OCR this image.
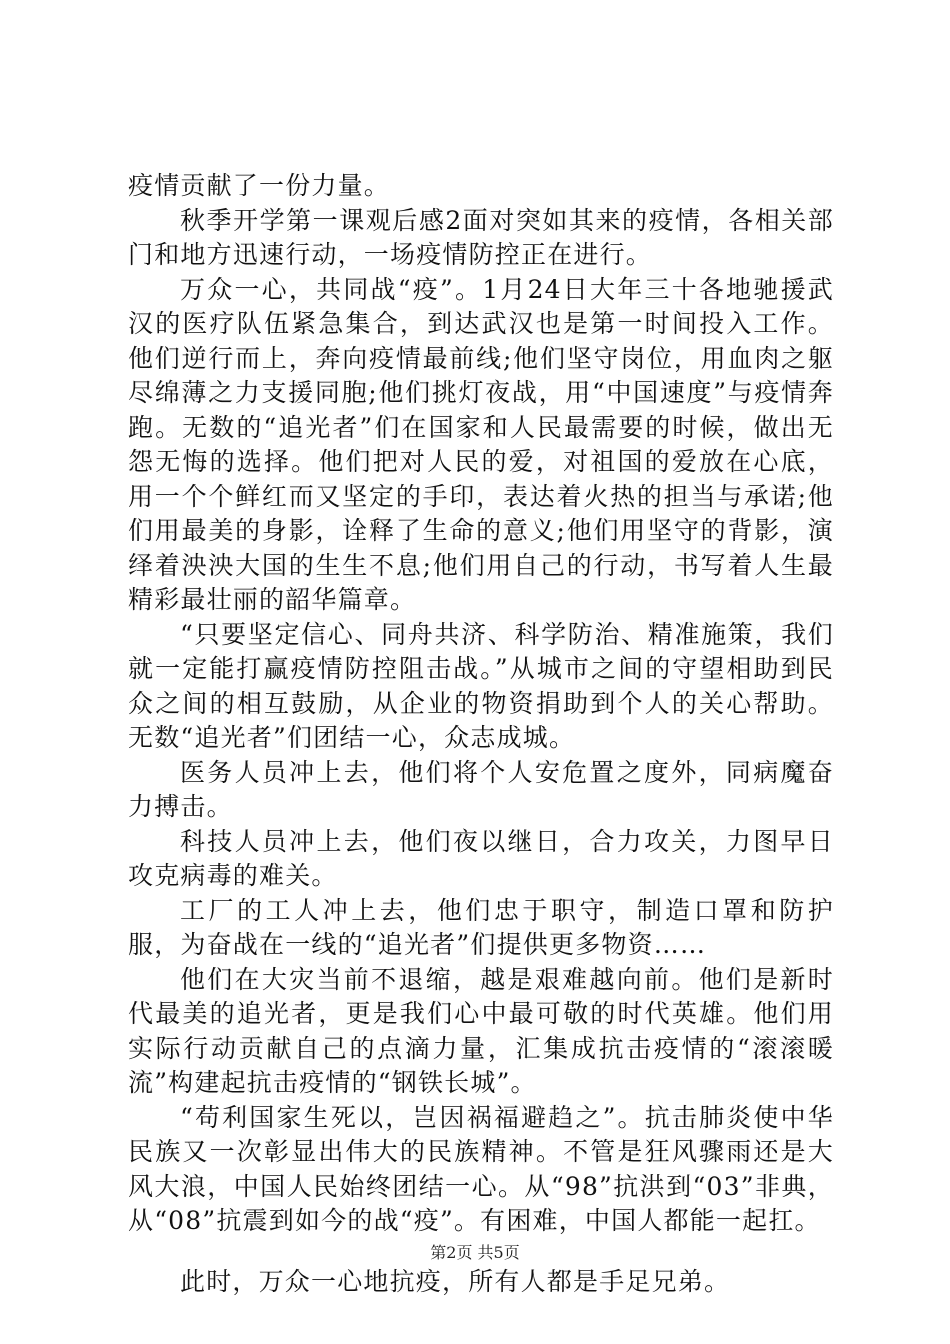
疫情贡献了一份力量。

秋季开学第一课观后感2面对突如其来的疫情，各相关部门和地方迅速行动，一场疫情防控正在进行。

万众一心，共同战“疫”。1月24日大年三十各地驰援武汉的医疗队伍紧急集合，到达武汉也是第一时间投入工作。他们逆行而上，奔向疫情最前线;他们坚守岗位，用血肉之躯尽绵薄之力支援同胞;他们挑灯夜战，用“中国速度”与疫情奔跑。无数的“追光者”们在国家和人民最需要的时候，做出无怨无悔的选择。他们把对人民的爱，对祖国的爱放在心底，用一个个鲜红而又坚定的手印，表达着火热的担当与承诺;他们用最美的身影，诠释了生命的意义;他们用坚守的背影，演绎着泱泱大国的生生不息;他们用自己的行动，书写着人生最精彩最壮丽的韶华篇章。

“只要坚定信心、同舟共济、科学防治、精准施策，我们就一定能打赢疫情防控阻击战。”从城市之间的守望相助到民众之间的相互鼓励，从企业的物资捐助到个人的关心帮助。无数“追光者”们团结一心，众志成城。

医务人员冲上去，他们将个人安危置之度外，同病魔奋力搏击。

科技人员冲上去，他们夜以继日，合力攻关，力图早日攻克病毒的难关。

工厂的工人冲上去，他们忠于职守，制造口罩和防护服，为奋战在一线的“追光者”们提供更多物资……

他们在大灾当前不退缩，越是艰难越向前。他们是新时代最美的追光者，更是我们心中最可敬的时代英雄。他们用实际行动贡献自己的点滴力量，汇集成抗击疫情的“滚滚暖流”构建起抗击疫情的“钢铁长城”。

“苟利国家生死以，岂因祸福避趋之”。抗击肺炎使中华民族又一次彰显出伟大的民族精神。不管是狂风骤雨还是大风大浪，中国人民始终团结一心。从“98”抗洪到“03”非典，从“08”抗震到如今的战“疫”。有困难，中国人都能一起扛。

此时，万众一心地抗疫，所有人都是手足兄弟。

第2页 共5页
